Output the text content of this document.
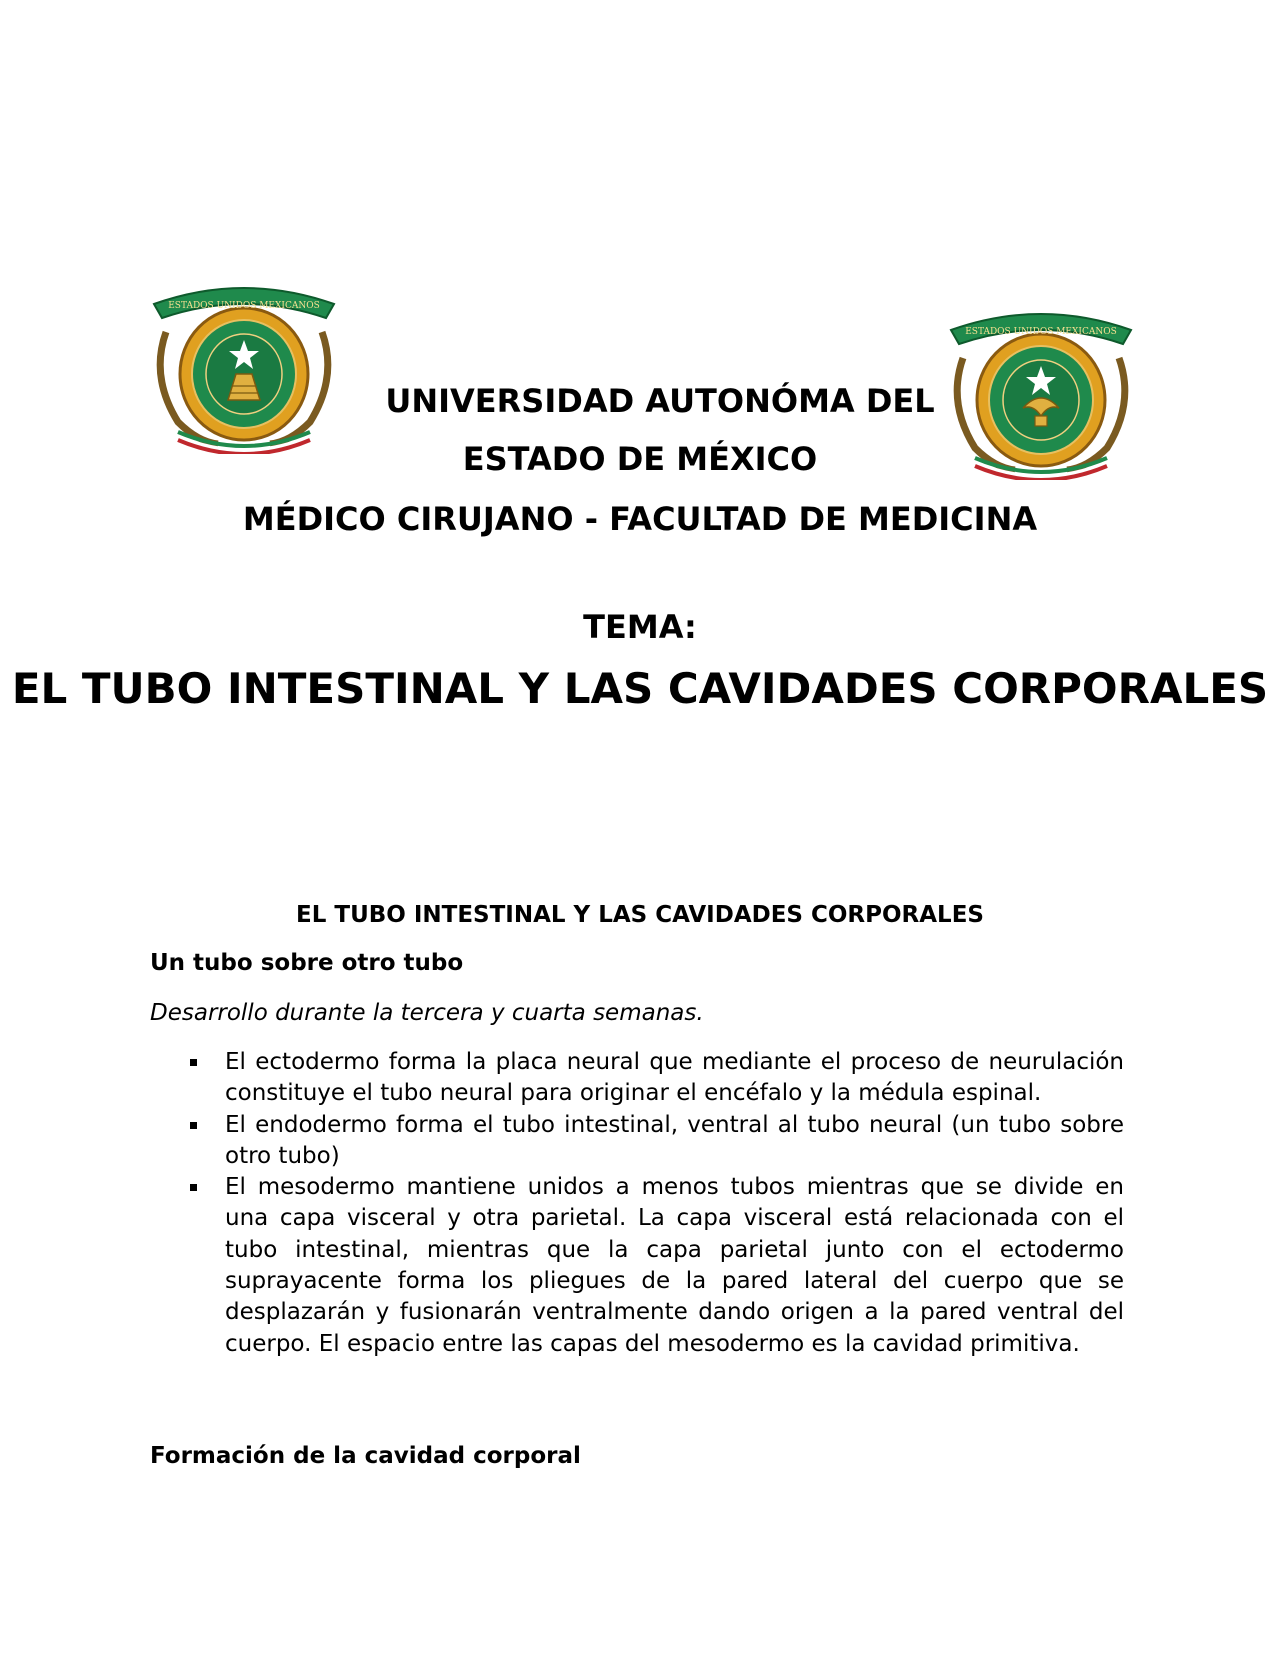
ESTADOS UNIDOS MEXICANOS
ESTADOS UNIDOS MEXICANOS
UNIVERSIDAD AUTONÓMA DEL
ESTADO DE MÉXICO
MÉDICO CIRUJANO - FACULTAD DE MEDICINA
TEMA:
EL TUBO INTESTINAL Y LAS CAVIDADES CORPORALES
EL TUBO INTESTINAL Y LAS CAVIDADES CORPORALES
Un tubo sobre otro tubo
Desarrollo durante la tercera y cuarta semanas.
El ectodermo forma la placa neural que mediante el proceso de neurulación constituye el tubo neural para originar el encéfalo y la médula espinal.
El endodermo forma el tubo intestinal, ventral al tubo neural (un tubo sobre otro tubo)
El mesodermo mantiene unidos a menos tubos mientras que se divide en una capa visceral y otra parietal. La capa visceral está relacionada con el tubo intestinal, mientras que la capa parietal junto con el ectodermo suprayacente forma los pliegues de la pared lateral del cuerpo que se desplazarán y fusionarán ventralmente dando origen a la pared ventral del cuerpo. El espacio entre las capas del mesodermo es la cavidad primitiva.
Formación de la cavidad corporal
